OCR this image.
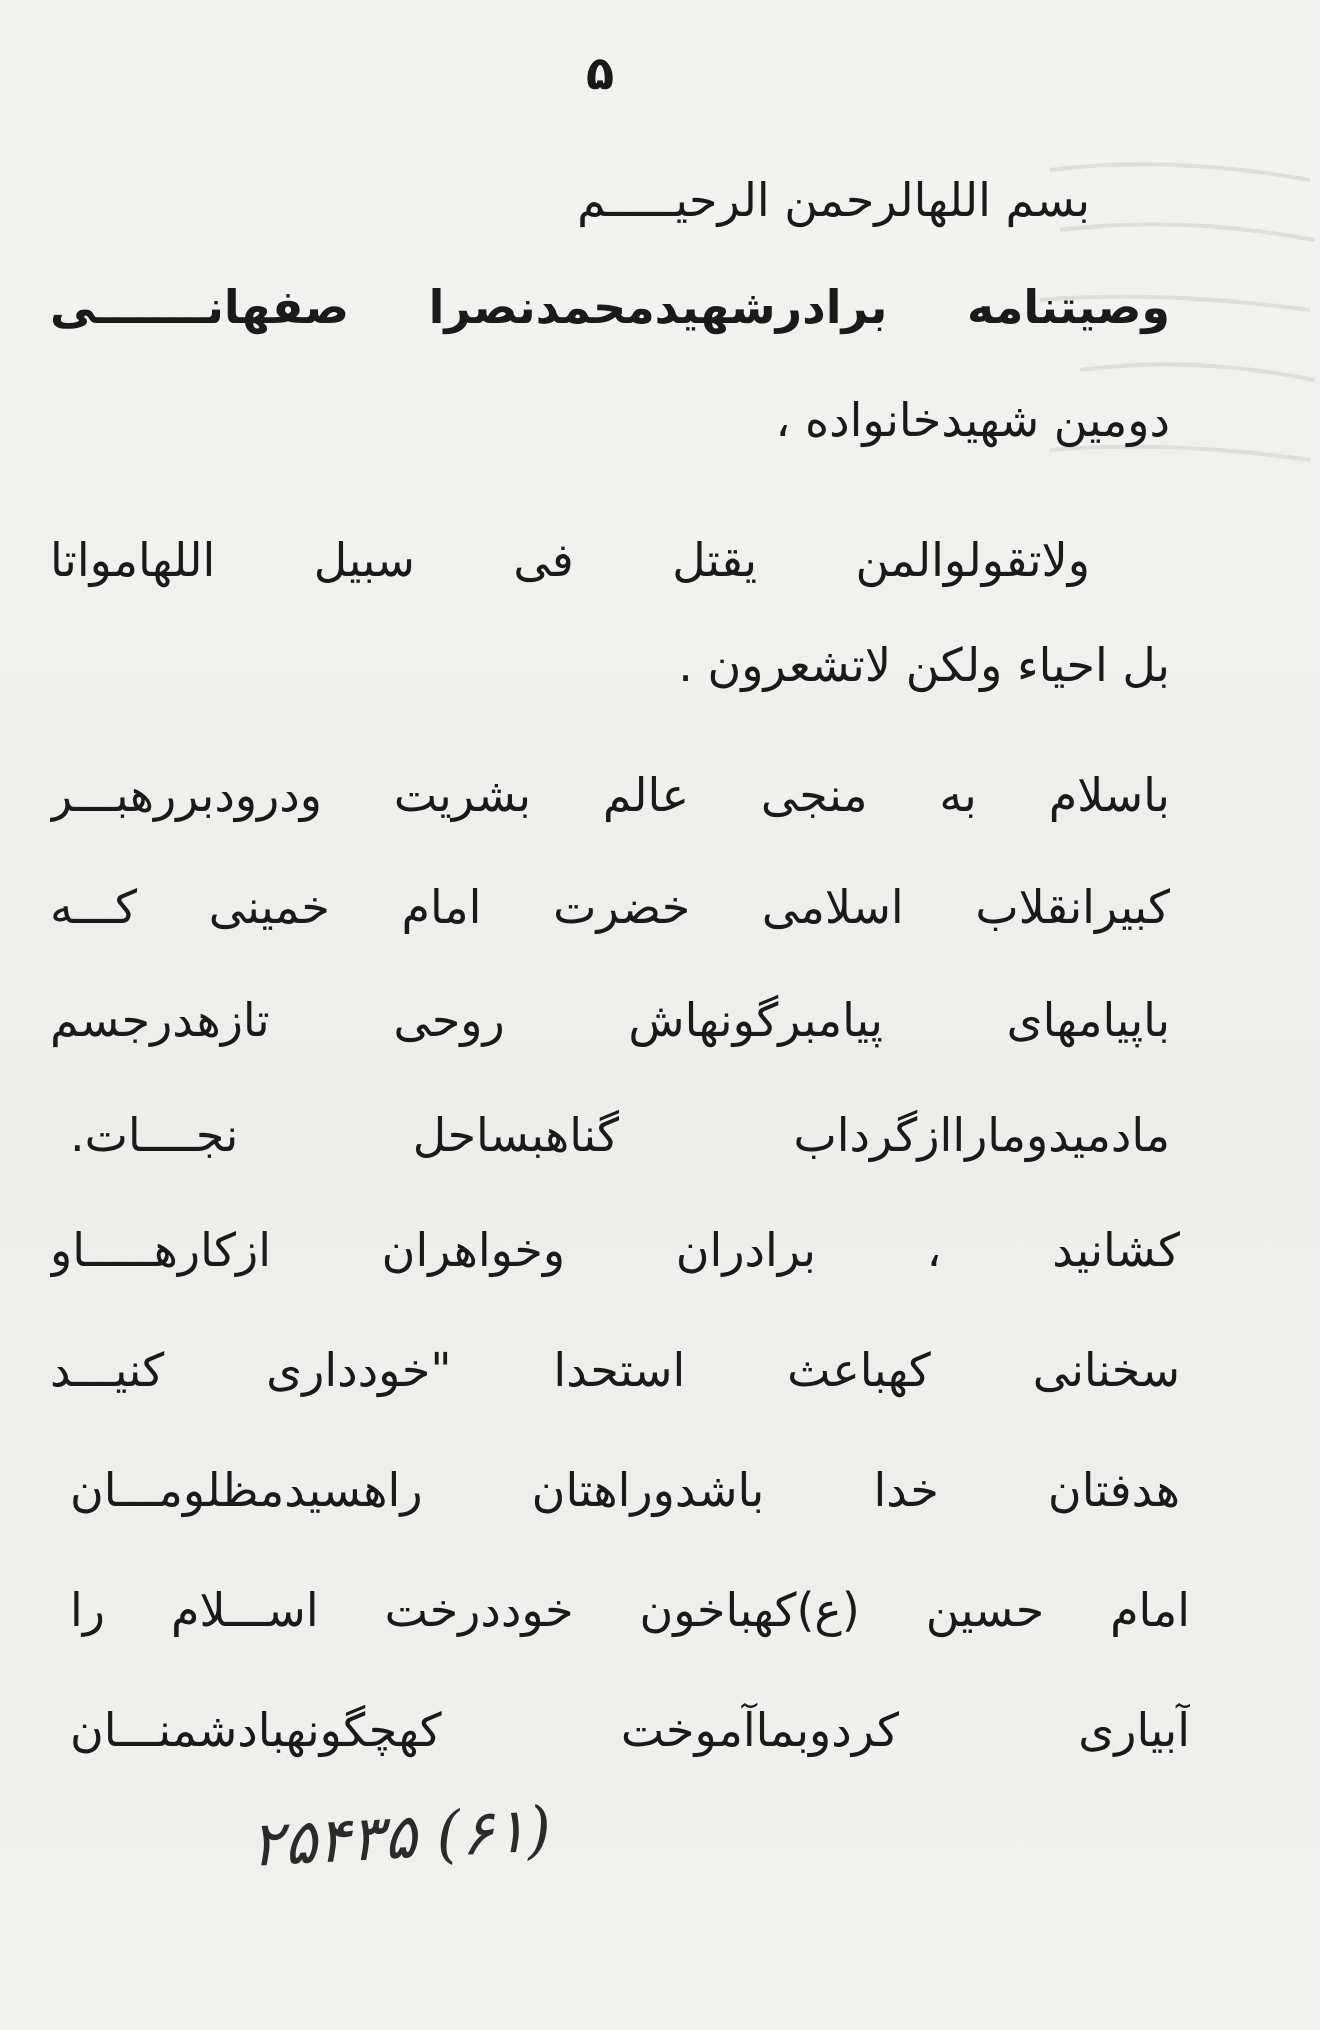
۵
بسم اللهالرحمن الرحیـــــم
وصیتنامه برادرشهیدمحمدنصرا صفهانـــــــی
دومین شهیدخانواده ،
ولاتقولوالمن یقتل فی سبیل اللهامواتا
بل احیاء ولکن لاتشعرون .
باسلام به منجی عالم بشریت ودرودبررهبـــر
کبیرانقلاب اسلامی خضرت امام خمینی کـــه
باپیامهای پیامبرگونهاش روحی تازهدرجسم
مادمیدوماراازگرداب گناهبساحل نجــــات.
کشانید ، برادران وخواهران ازکارهـــــاو
سخنانی کهباعث استحدا "خودداری کنیـــد
هدفتان خدا باشدوراهتان راهسیدمظلومـــان
امام حسین (ع)کهباخون خوددرخت اســـلام را
آبیاری کردوبماآموخت کهچگونهبادشمنـــان
(۶۱) ۲۵۴۳۵
